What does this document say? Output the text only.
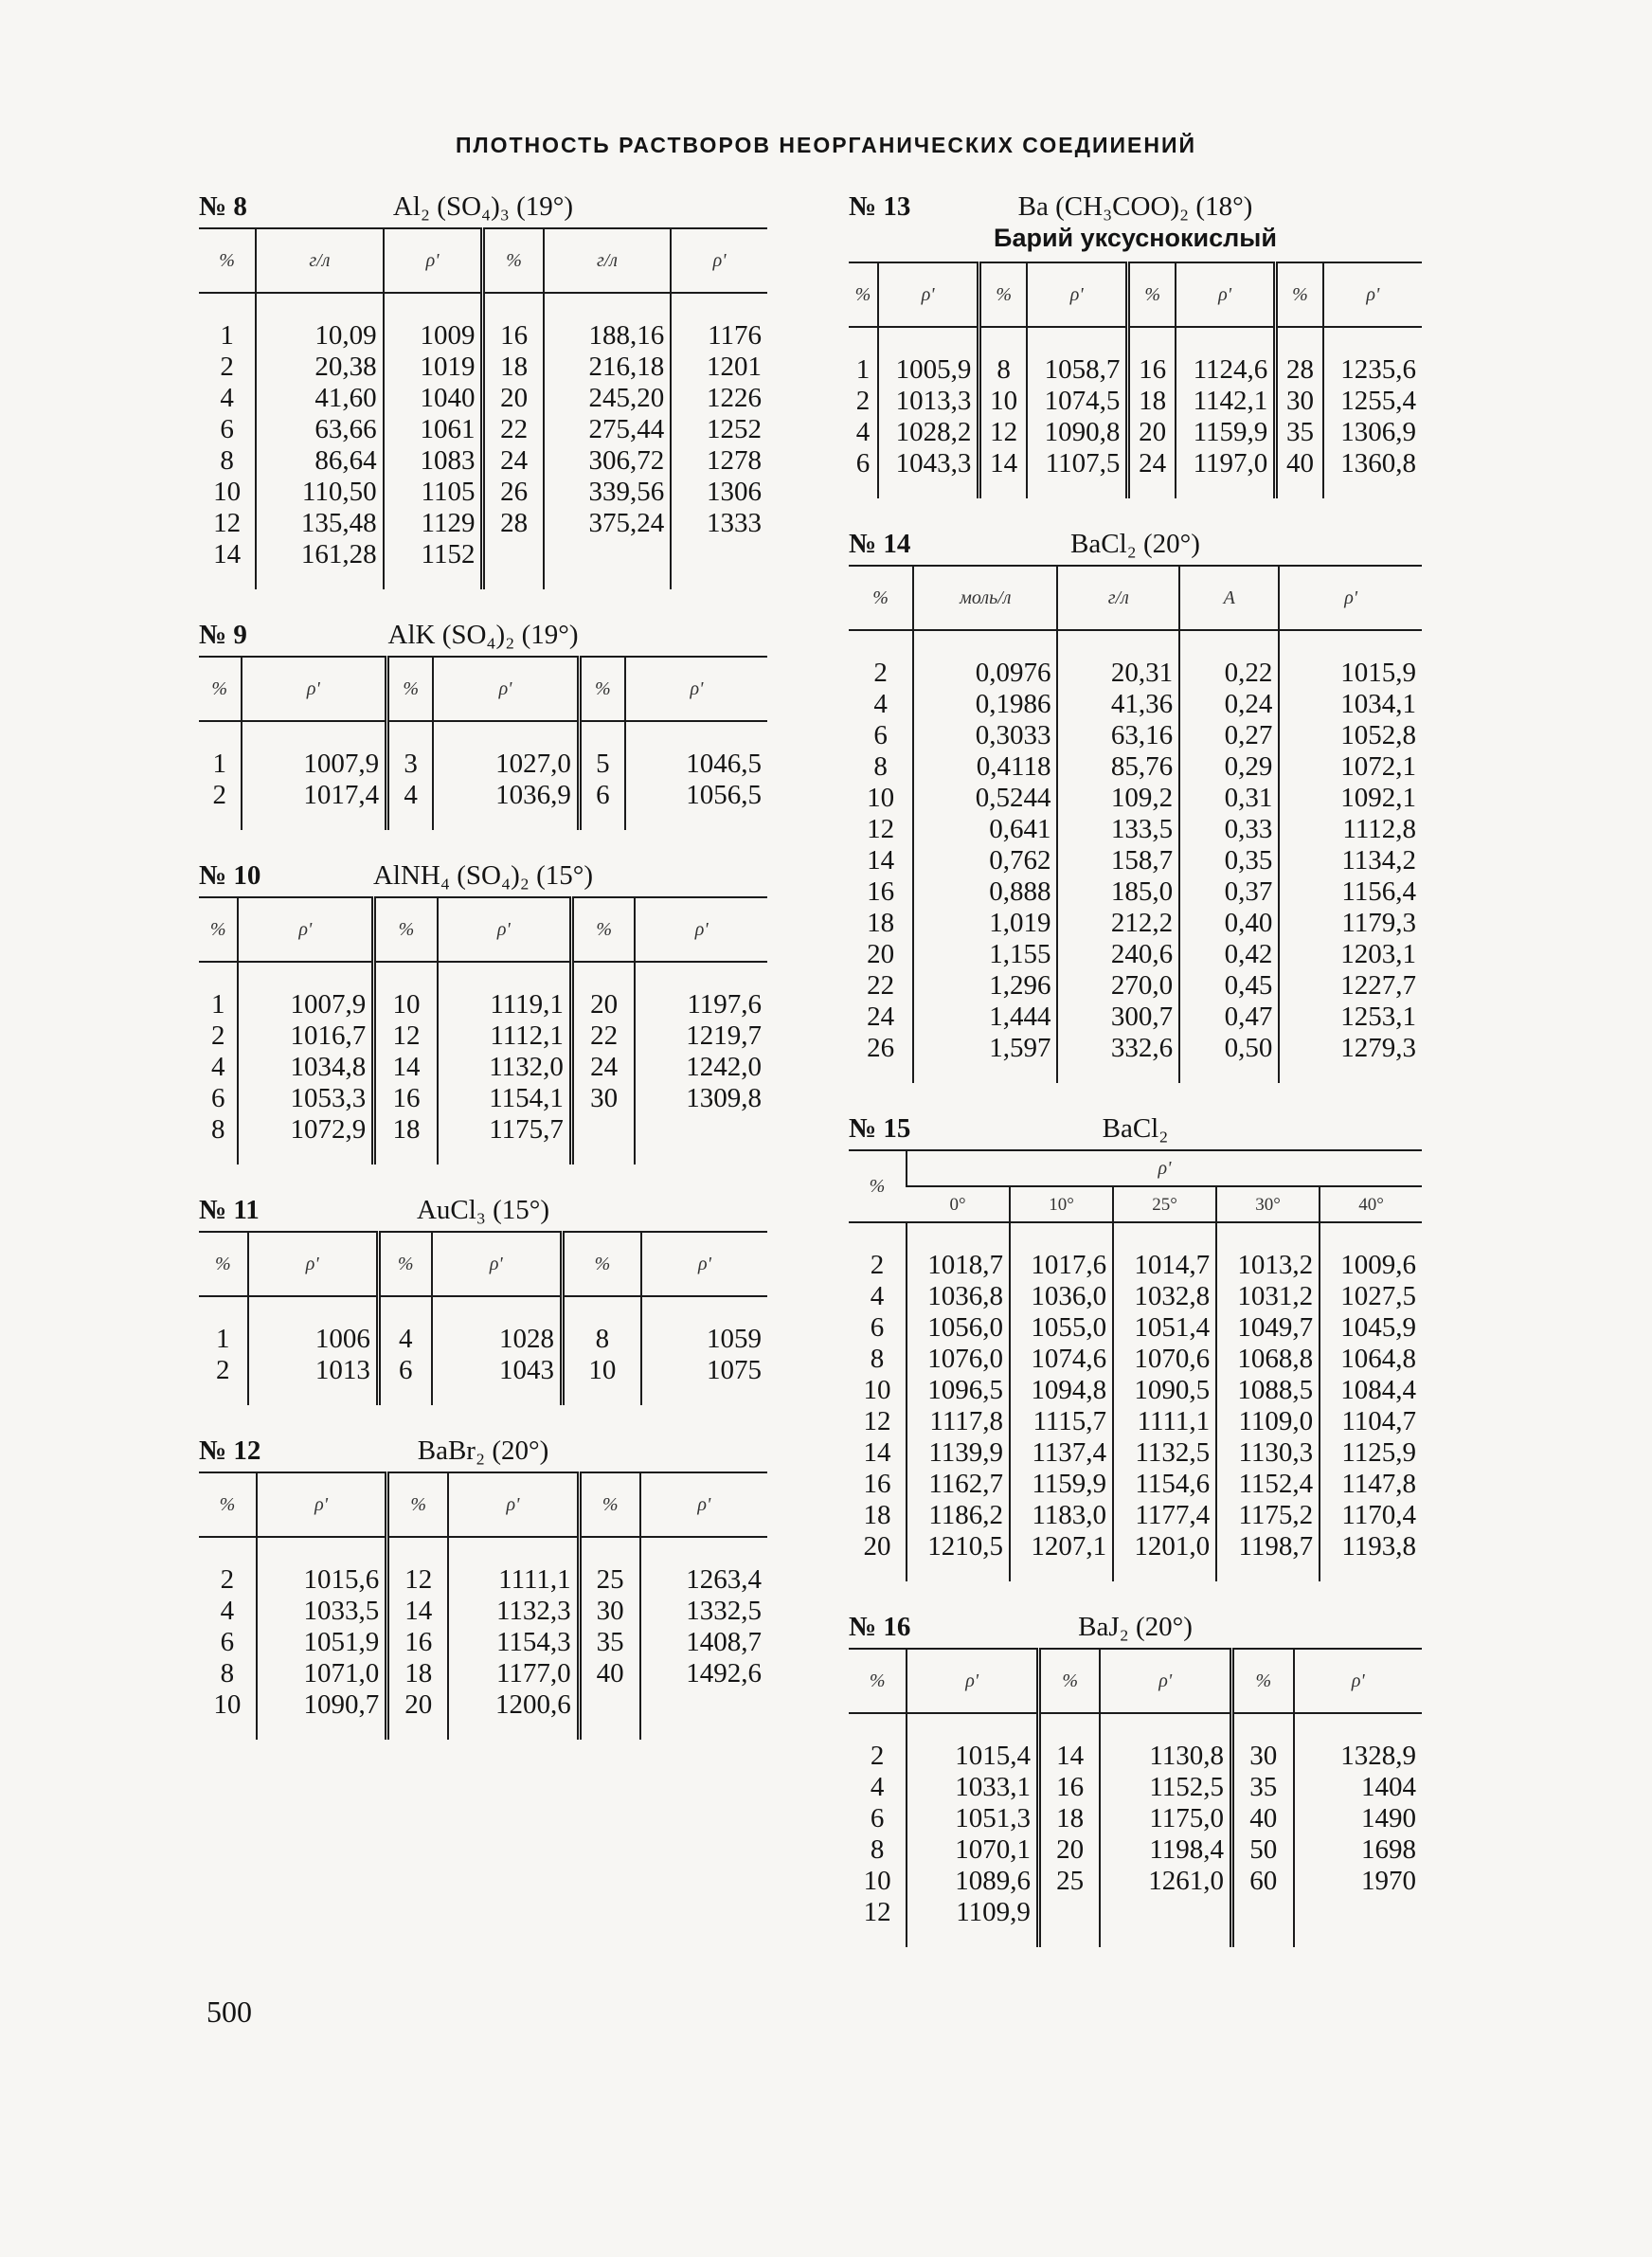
ПЛОТНОСТЬ РАСТВОРОВ НЕОРГАНИЧЕСКИХ СОЕДИИЕНИЙ
№ 8	Al₂ (SO₄)₃ (19°)
%	г/л	ρ'	%	г/л	ρ'
1	10,09	1009	16	188,16	1176
2	20,38	1019	18	216,18	1201
4	41,60	1040	20	245,20	1226
6	63,66	1061	22	275,44	1252
8	86,64	1083	24	306,72	1278
10	110,50	1105	26	339,56	1306
12	135,48	1129	28	375,24	1333
14	161,28	1152			
№ 9	AlK (SO₄)₂ (19°)
%	ρ'	%	ρ'	%	ρ'
1	1007,9	3	1027,0	5	1046,5
2	1017,4	4	1036,9	6	1056,5
№ 10	AlNH₄ (SO₄)₂ (15°)
%	ρ'	%	ρ'	%	ρ'
1	1007,9	10	1119,1	20	1197,6
2	1016,7	12	1112,1	22	1219,7
4	1034,8	14	1132,0	24	1242,0
6	1053,3	16	1154,1	30	1309,8
8	1072,9	18	1175,7		
№ 11	AuCl₃ (15°)
%	ρ'	%	ρ'	%	ρ'
1	1006	4	1028	8	1059
2	1013	6	1043	10	1075
№ 12	BaBr₂ (20°)
%	ρ'	%	ρ'	%	ρ'
2	1015,6	12	1111,1	25	1263,4
4	1033,5	14	1132,3	30	1332,5
6	1051,9	16	1154,3	35	1408,7
8	1071,0	18	1177,0	40	1492,6
10	1090,7	20	1200,6		
№ 13	Ba (CH₃COO)₂ (18°)
Барий уксуснокислый
%	ρ'	%	ρ'	%	ρ'	%	ρ'
1	1005,9	8	1058,7	16	1124,6	28	1235,6
2	1013,3	10	1074,5	18	1142,1	30	1255,4
4	1028,2	12	1090,8	20	1159,9	35	1306,9
6	1043,3	14	1107,5	24	1197,0	40	1360,8
№ 14	BaCl₂ (20°)
%	моль/л	г/л	A	ρ'
2	0,0976	20,31	0,22	1015,9
4	0,1986	41,36	0,24	1034,1
6	0,3033	63,16	0,27	1052,8
8	0,4118	85,76	0,29	1072,1
10	0,5244	109,2	0,31	1092,1
12	0,641	133,5	0,33	1112,8
14	0,762	158,7	0,35	1134,2
16	0,888	185,0	0,37	1156,4
18	1,019	212,2	0,40	1179,3
20	1,155	240,6	0,42	1203,1
22	1,296	270,0	0,45	1227,7
24	1,444	300,7	0,47	1253,1
26	1,597	332,6	0,50	1279,3
№ 15	BaCl₂
%	ρ'				
	0°	10°	25°	30°	40°
2	1018,7	1017,6	1014,7	1013,2	1009,6
4	1036,8	1036,0	1032,8	1031,2	1027,5
6	1056,0	1055,0	1051,4	1049,7	1045,9
8	1076,0	1074,6	1070,6	1068,8	1064,8
10	1096,5	1094,8	1090,5	1088,5	1084,4
12	1117,8	1115,7	1111,1	1109,0	1104,7
14	1139,9	1137,4	1132,5	1130,3	1125,9
16	1162,7	1159,9	1154,6	1152,4	1147,8
18	1186,2	1183,0	1177,4	1175,2	1170,4
20	1210,5	1207,1	1201,0	1198,7	1193,8
№ 16	BaJ₂ (20°)
%	ρ'	%	ρ'	%	ρ'
2	1015,4	14	1130,8	30	1328,9
4	1033,1	16	1152,5	35	1404
6	1051,3	18	1175,0	40	1490
8	1070,1	20	1198,4	50	1698
10	1089,6	25	1261,0	60	1970
12	1109,9				
500
